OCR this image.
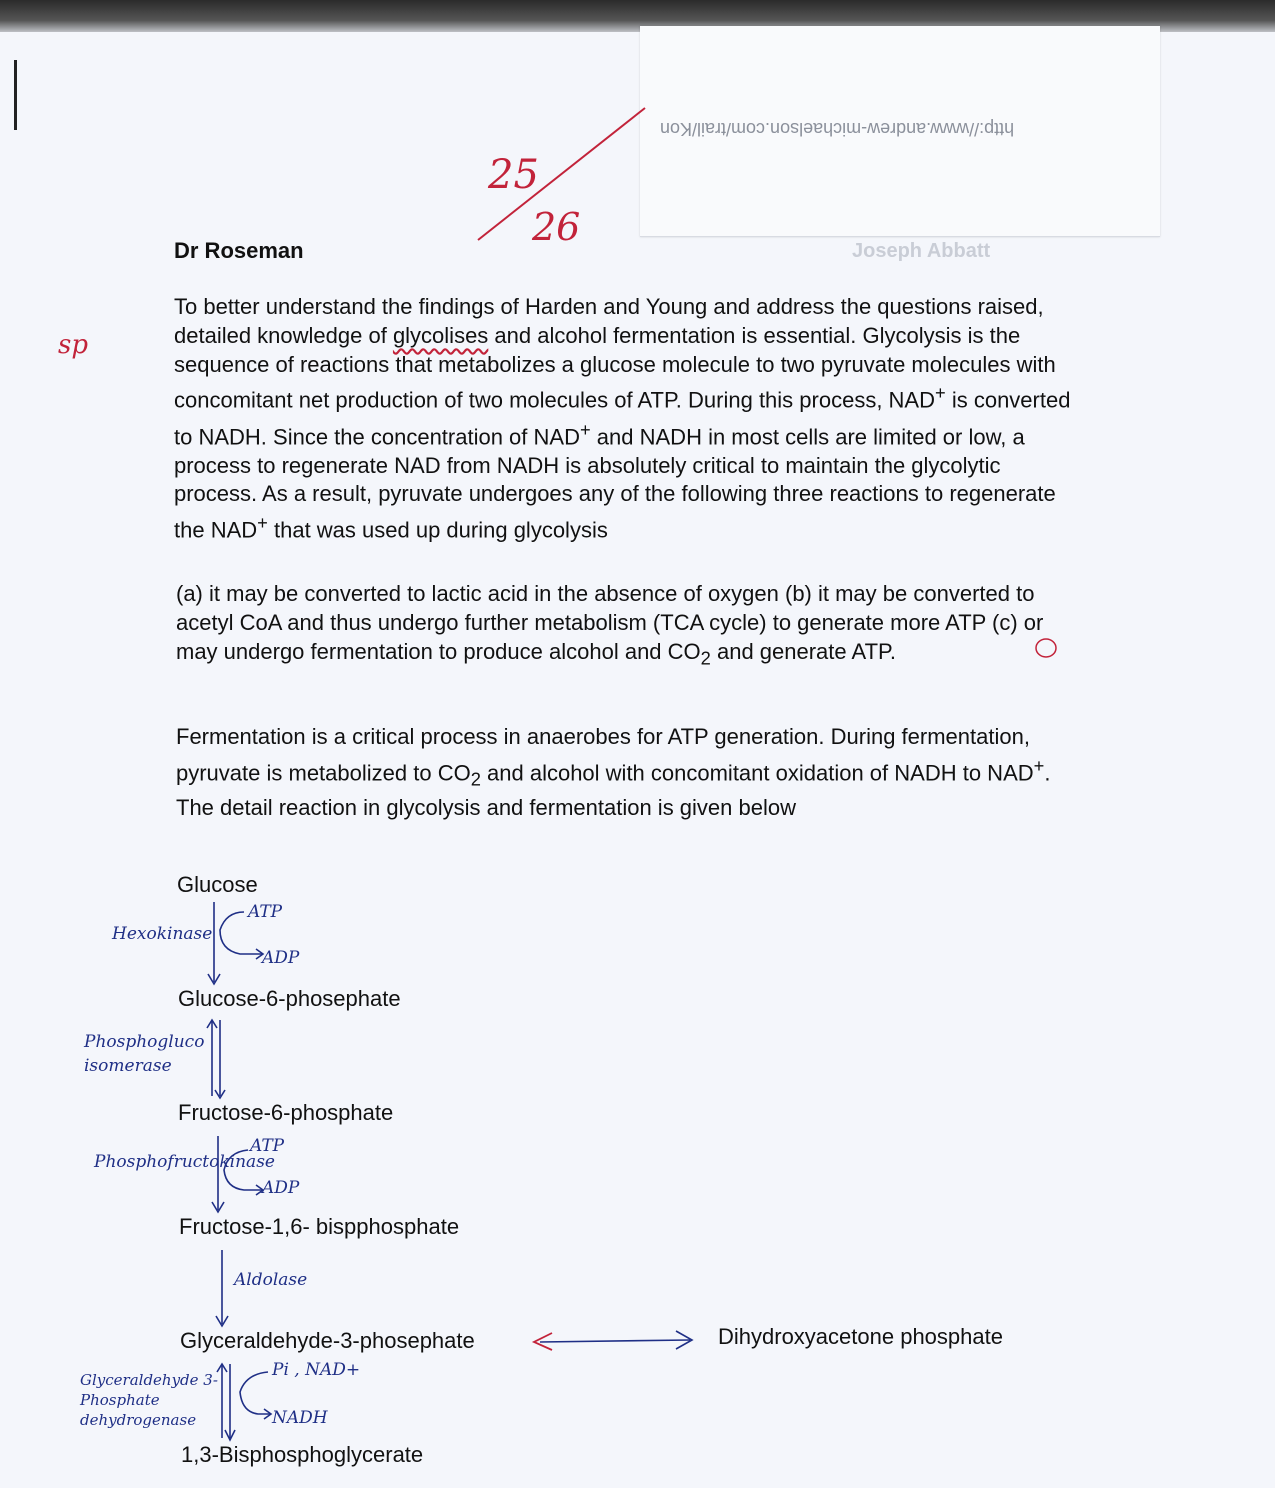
http://www.andrew-michaelson.com/trail/Kon
Joseph Abbatt
25
26
sp
Dr Roseman
To better understand the findings of Harden and Young and address the questions raised, detailed knowledge of glycolises and alcohol fermentation is essential. Glycolysis is the sequence of reactions that metabolizes a glucose molecule to two pyruvate molecules with concomitant net production of two molecules of ATP. During this process, NAD+ is converted to NADH. Since the concentration of NAD+ and NADH in most cells are limited or low, a process to regenerate NAD from NADH is absolutely critical to maintain the glycolytic process. As a result, pyruvate undergoes any of the following three reactions to regenerate the NAD+ that was used up during glycolysis
(a) it may be converted to lactic acid in the absence of oxygen (b) it may be converted to acetyl CoA and thus undergo further metabolism (TCA cycle) to generate more ATP (c) or may undergo fermentation to produce alcohol and $CO_2$ and generate ATP.
Fermentation is a critical process in anaerobes for ATP generation. During fermentation, pyruvate is metabolized to $CO_2$ and alcohol with concomitant oxidation of NADH to NAD+. The detail reaction in glycolysis and fermentation is given below
Glucose
Glucose-6-phosephate
Fructose-6-phosphate
Fructose-1,6- bispphosphate
Glyceraldehyde-3-phosephate	Dihydroxyacetone phosphate
1,3-Bisphosphoglycerate
Hexokinase
Phosphogluco isomerase
Phosphofructokinase
Aldolase
Glyceraldehyde 3-Phosphate dehydrogenase
ATP
ADP
ATP
ADP
Pi , NAD+
NADH
